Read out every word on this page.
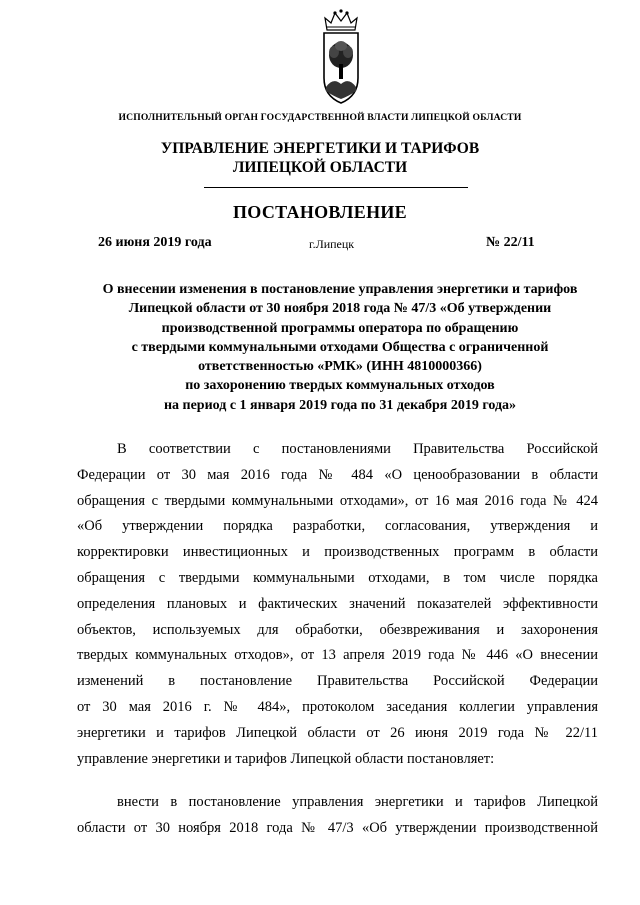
ИСПОЛНИТЕЛЬНЫЙ ОРГАН ГОСУДАРСТВЕННОЙ ВЛАСТИ ЛИПЕЦКОЙ ОБЛАСТИ
УПРАВЛЕНИЕ ЭНЕРГЕТИКИ И ТАРИФОВ
ЛИПЕЦКОЙ ОБЛАСТИ
ПОСТАНОВЛЕНИЕ
26 июня 2019 года	г.Липецк	№ 22/11
О внесении изменения в постановление управления энергетики и тарифов
Липецкой области от 30 ноября 2018 года № 47/3 «Об утверждении
производственной программы оператора по обращению
с твердыми коммунальными отходами Общества с ограниченной
ответственностью «РМК» (ИНН 4810000366)
по захоронению твердых коммунальных отходов
на период с 1 января 2019 года по 31 декабря 2019 года»
В соответствии с постановлениями Правительства Российской
Федерации от 30 мая 2016 года № 484 «О ценообразовании в области
обращения с твердыми коммунальными отходами», от 16 мая 2016 года № 424
«Об утверждении порядка разработки, согласования, утверждения и
корректировки инвестиционных и производственных программ в области
обращения с твердыми коммунальными отходами, в том числе порядка
определения плановых и фактических значений показателей эффективности
объектов, используемых для обработки, обезвреживания и захоронения
твердых коммунальных отходов», от 13 апреля 2019 года № 446 «О внесении
изменений в постановление Правительства Российской Федерации
от 30 мая 2016 г. № 484», протоколом заседания коллегии управления
энергетики и тарифов Липецкой области от 26 июня 2019 года № 22/11
управление энергетики и тарифов Липецкой области постановляет:
внести в постановление управления энергетики и тарифов Липецкой
области от 30 ноября 2018 года № 47/3 «Об утверждении производственной
